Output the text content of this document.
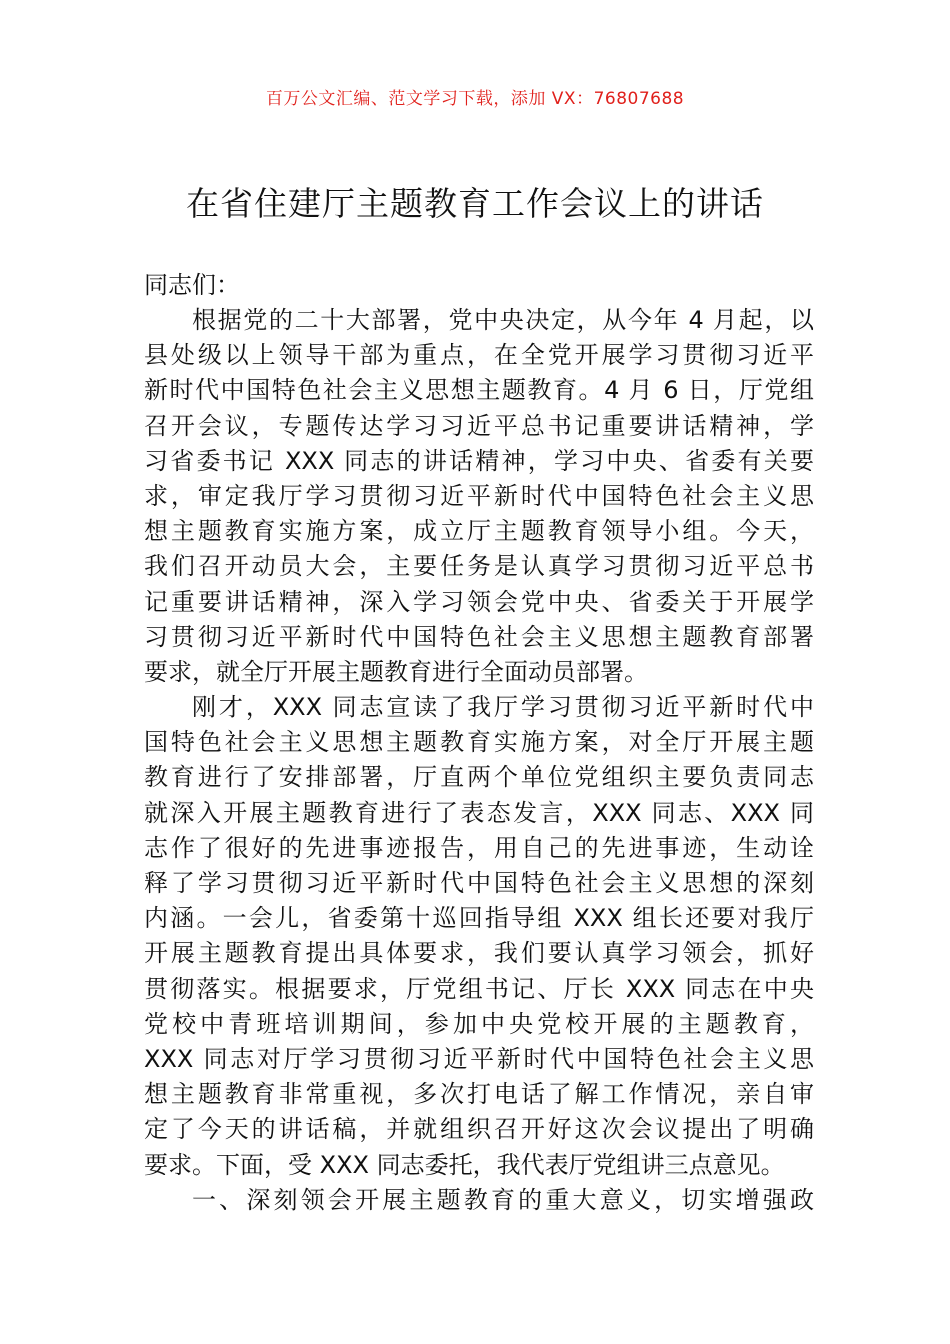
百万公文汇编、范文学习下载，添加 VX：76807688
在省住建厅主题教育工作会议上的讲话

同志们：

根据党的二十大部署，党中央决定，从今年 4 月起，以

县处级以上领导干部为重点，在全党开展学习贯彻习近平

新时代中国特色社会主义思想主题教育。4 月 6 日，厅党组

召开会议，专题传达学习习近平总书记重要讲话精神，学

习省委书记 XXX 同志的讲话精神，学习中央、省委有关要

求，审定我厅学习贯彻习近平新时代中国特色社会主义思

想主题教育实施方案，成立厅主题教育领导小组。今天，

我们召开动员大会，主要任务是认真学习贯彻习近平总书

记重要讲话精神，深入学习领会党中央、省委关于开展学

习贯彻习近平新时代中国特色社会主义思想主题教育部署

要求，就全厅开展主题教育进行全面动员部署。

刚才，XXX 同志宣读了我厅学习贯彻习近平新时代中

国特色社会主义思想主题教育实施方案，对全厅开展主题

教育进行了安排部署，厅直两个单位党组织主要负责同志

就深入开展主题教育进行了表态发言，XXX 同志、XXX 同

志作了很好的先进事迹报告，用自己的先进事迹，生动诠

释了学习贯彻习近平新时代中国特色社会主义思想的深刻

内涵。一会儿，省委第十巡回指导组 XXX 组长还要对我厅

开展主题教育提出具体要求，我们要认真学习领会，抓好

贯彻落实。根据要求，厅党组书记、厅长 XXX 同志在中央

党校中青班培训期间，参加中央党校开展的主题教育，

XXX 同志对厅学习贯彻习近平新时代中国特色社会主义思

想主题教育非常重视，多次打电话了解工作情况，亲自审

定了今天的讲话稿，并就组织召开好这次会议提出了明确

要求。下面，受 XXX 同志委托，我代表厅党组讲三点意见。

一、深刻领会开展主题教育的重大意义，切实增强政
